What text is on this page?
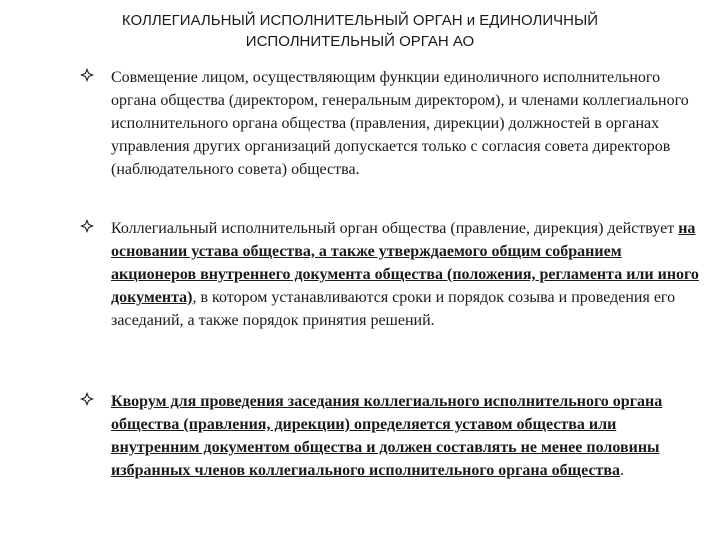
КОЛЛЕГИАЛЬНЫЙ ИСПОЛНИТЕЛЬНЫЙ ОРГАН и ЕДИНОЛИЧНЫЙ
ИСПОЛНИТЕЛЬНЫЙ ОРГАН АО
Совмещение лицом, осуществляющим функции единоличного исполнительного органа общества (директором, генеральным директором), и членами коллегиального исполнительного органа общества (правления, дирекции) должностей в органах управления других организаций допускается только с согласия совета директоров (наблюдательного совета) общества.
Коллегиальный исполнительный орган общества (правление, дирекция) действует на основании устава общества, а также утверждаемого общим собранием акционеров внутреннего документа общества (положения, регламента или иного документа), в котором устанавливаются сроки и порядок созыва и проведения его заседаний, а также порядок принятия решений.
Кворум для проведения заседания коллегиального исполнительного органа общества (правления, дирекции) определяется уставом общества или внутренним документом общества и должен составлять не менее половины избранных членов коллегиального исполнительного органа общества.
